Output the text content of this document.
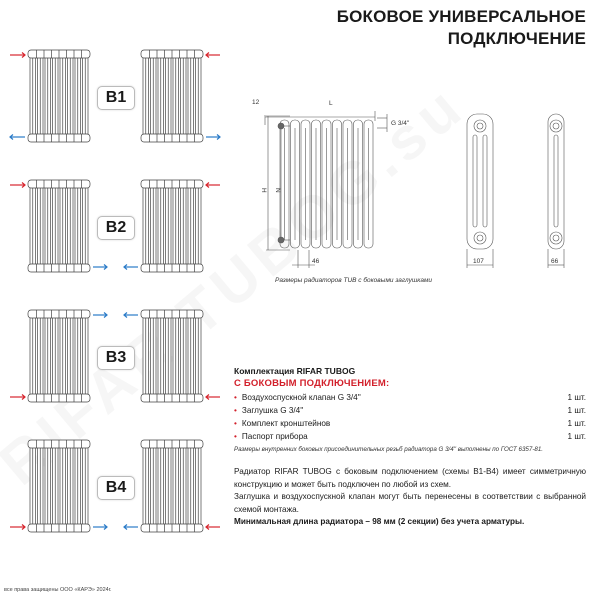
БОКОВОЕ УНИВЕРСАЛЬНОЕ
ПОДКЛЮЧЕНИЕ
B1
B2
B3
B4
12	L
G 3/4''
H N
46	107	66
Размеры радиаторов TUB с боковыми заглушками
Комплектация RIFAR TUBOG
С БОКОВЫМ ПОДКЛЮЧЕНИЕМ:
• Воздухоспускной клапан G 3/4''	1 шт.
• Заглушка G 3/4''	1 шт.
• Комплект кронштейнов	1 шт.
• Паспорт прибора	1 шт.
Размеры внутренних боковых присоединительных резьб радиатора G 3/4'' выполнены по ГОСТ 6357-81.
Радиатор RIFAR TUBOG с боковым подключением (схемы B1-B4) имеет симметричную конструкцию и может быть подключен по любой из схем.
Заглушка и воздухоспускной клапан могут быть перенесены в соответствии с выбранной схемой монтажа.
Минимальная длина радиатора – 98 мм (2 секции) без учета арматуры.
все права защищены ООО «КАРЭ» 2024г.
